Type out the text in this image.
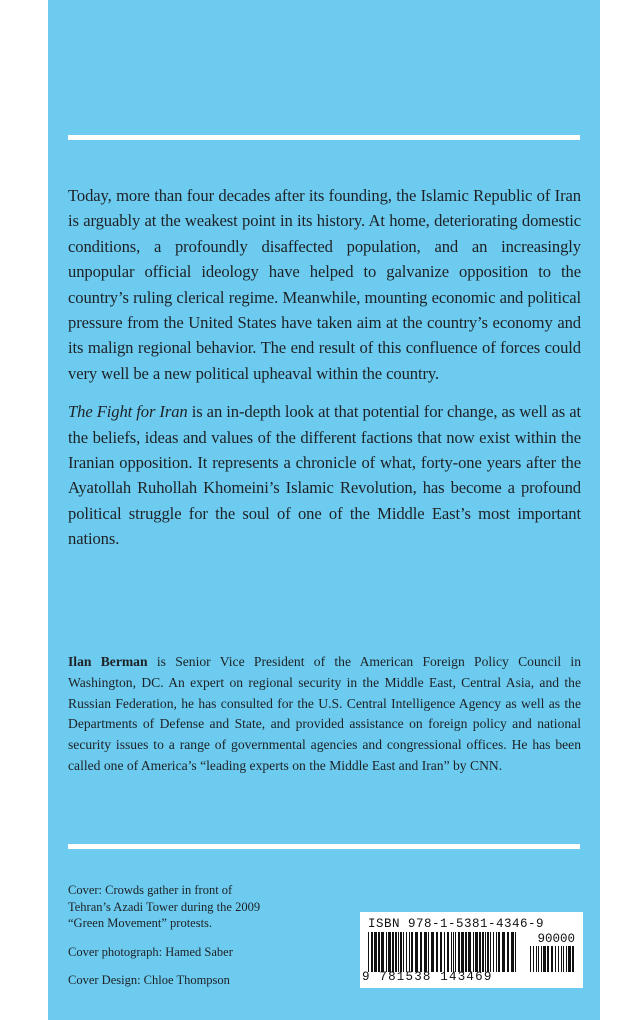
Today, more than four decades after its founding, the Islamic Republic of Iran is arguably at the weakest point in its history. At home, deteriorating domestic conditions, a profoundly disaffected population, and an increasingly unpopular official ideology have helped to galvanize opposition to the country’s ruling clerical regime. Meanwhile, mounting economic and political pressure from the United States have taken aim at the country’s economy and its malign regional behavior. The end result of this confluence of forces could very well be a new political upheaval within the country.

The Fight for Iran is an in-depth look at that potential for change, as well as at the beliefs, ideas and values of the different factions that now exist within the Iranian opposition. It represents a chronicle of what, forty-one years after the Ayatollah Ruhollah Khomeini’s Islamic Revolution, has become a profound political struggle for the soul of one of the Middle East’s most important nations.

Ilan Berman is Senior Vice President of the American Foreign Policy Council in Washington, DC. An expert on regional security in the Middle East, Central Asia, and the Russian Federation, he has consulted for the U.S. Central Intelligence Agency as well as the Departments of Defense and State, and provided assistance on foreign policy and national security issues to a range of governmental agencies and congressional offices. He has been called one of America’s “leading experts on the Middle East and Iran” by CNN.

Cover: Crowds gather in front of Tehran’s Azadi Tower during the 2009 “Green Movement” protests.

Cover photograph: Hamed Saber

Cover Design: Chloe Thompson

ISBN 978-1-5381-4346-9
90000
9 781538 143469
